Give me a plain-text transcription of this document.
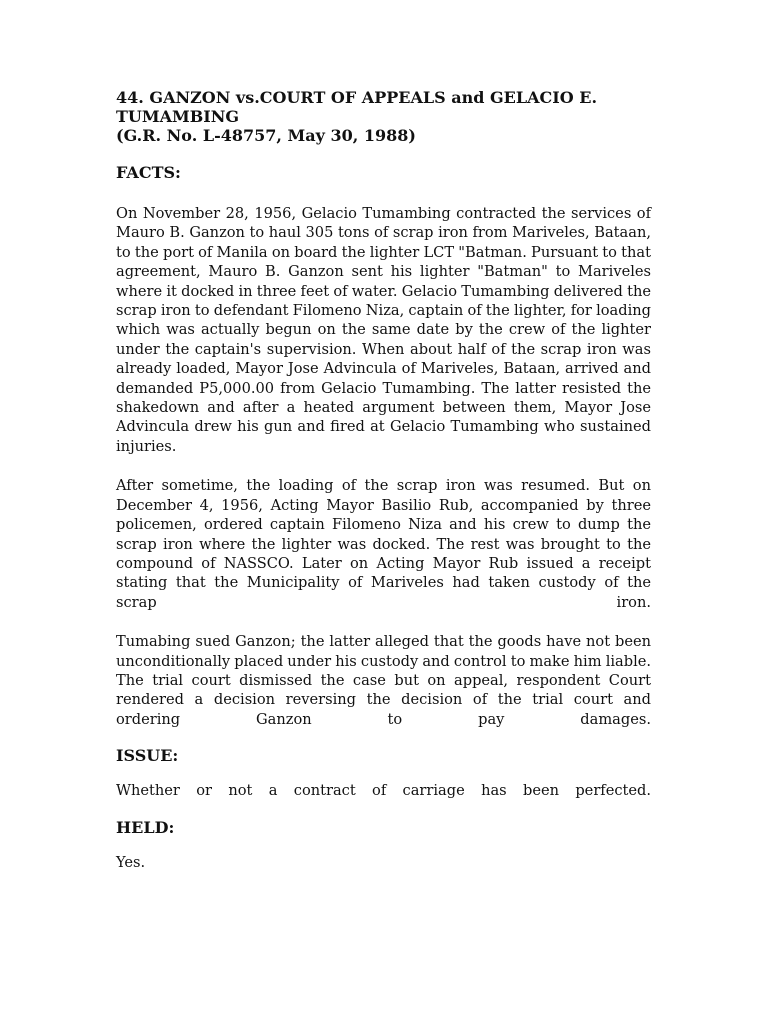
44. GANZON vs.COURT OF APPEALS and GELACIO E. TUMAMBING

(G.R. No. L-48757, May 30, 1988)

FACTS:

On November 28, 1956, Gelacio Tumambing contracted the services of Mauro B. Ganzon to haul 305 tons of scrap iron from Mariveles, Bataan, to the port of Manila on board the lighter LCT "Batman. Pursuant to that agreement, Mauro B. Ganzon sent his lighter "Batman" to Mariveles where it docked in three feet of water. Gelacio Tumambing delivered the scrap iron to defendant Filomeno Niza, captain of the lighter, for loading which was actually begun on the same date by the crew of the lighter under the captain's supervision. When about half of the scrap iron was already loaded, Mayor Jose Advincula of Mariveles, Bataan, arrived and demanded P5,000.00 from Gelacio Tumambing. The latter resisted the shakedown and after a heated argument between them, Mayor Jose Advincula drew his gun and fired at Gelacio Tumambing who sustained injuries.

After sometime, the loading of the scrap iron was resumed. But on December 4, 1956, Acting Mayor Basilio Rub, accompanied by three policemen, ordered captain Filomeno Niza and his crew to dump the scrap iron where the lighter was docked. The rest was brought to the compound of NASSCO. Later on Acting Mayor Rub issued a receipt stating that the Municipality of Mariveles had taken custody of the scrap iron.

Tumabing sued Ganzon; the latter alleged that the goods have not been unconditionally placed under his custody and control to make him liable. The trial court dismissed the case but on appeal, respondent Court rendered a decision reversing the decision of the trial court and ordering Ganzon to pay damages.

ISSUE:

Whether or not a contract of carriage has been perfected.

HELD:

Yes.
